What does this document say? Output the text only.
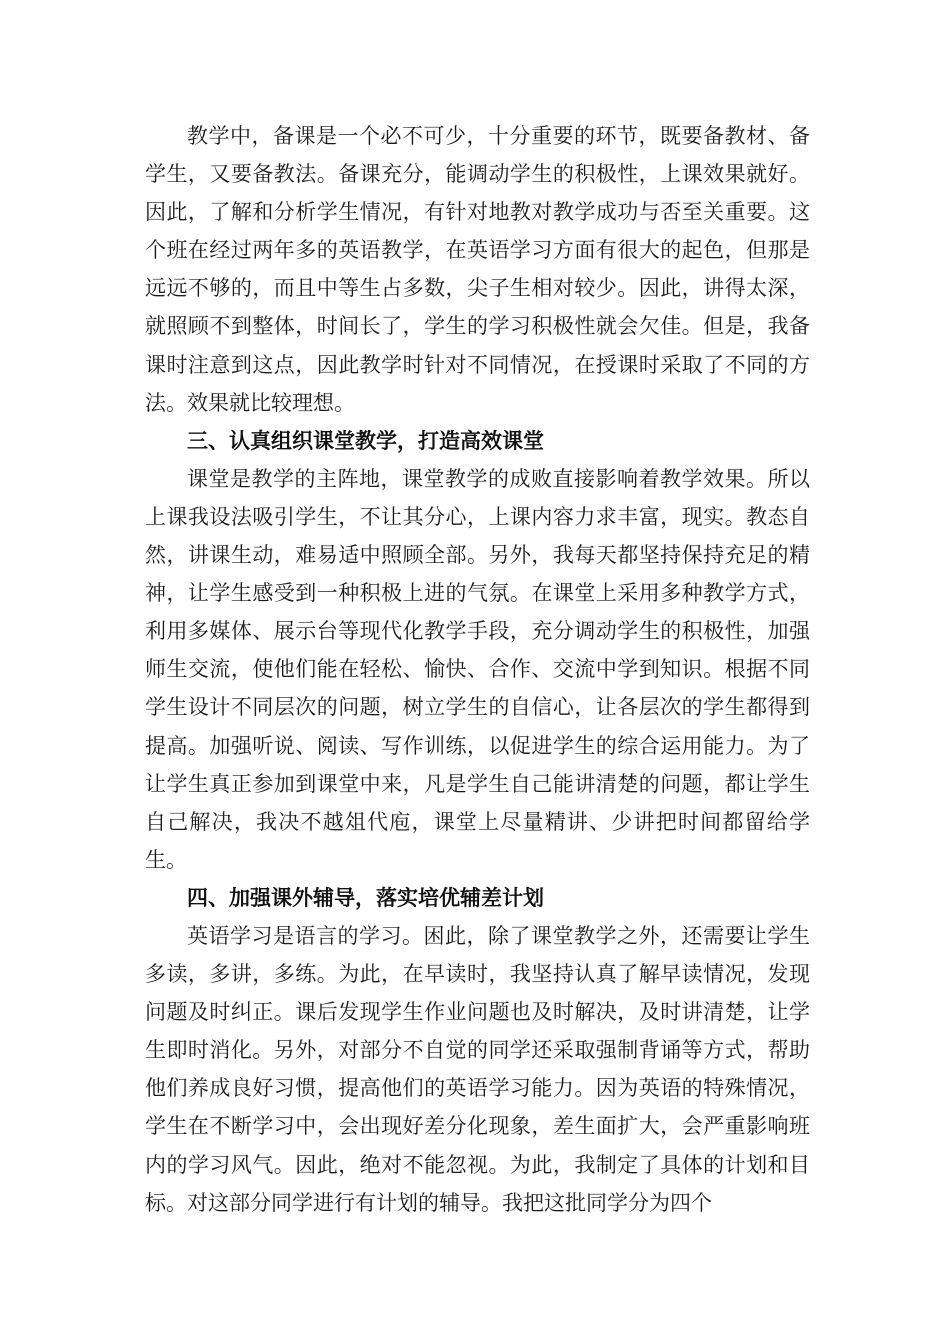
教学中，备课是一个必不可少，十分重要的环节，既要备教材、备学生，又要备教法。备课充分，能调动学生的积极性，上课效果就好。因此，了解和分析学生情况，有针对地教对教学成功与否至关重要。这个班在经过两年多的英语教学，在英语学习方面有很大的起色，但那是远远不够的，而且中等生占多数，尖子生相对较少。因此，讲得太深，就照顾不到整体，时间长了，学生的学习积极性就会欠佳。但是，我备课时注意到这点，因此教学时针对不同情况，在授课时采取了不同的方法。效果就比较理想。

三、认真组织课堂教学，打造高效课堂

课堂是教学的主阵地，课堂教学的成败直接影响着教学效果。所以上课我设法吸引学生，不让其分心，上课内容力求丰富，现实。教态自然，讲课生动，难易适中照顾全部。另外，我每天都坚持保持充足的精神，让学生感受到一种积极上进的气氛。在课堂上采用多种教学方式，利用多媒体、展示台等现代化教学手段，充分调动学生的积极性，加强师生交流，使他们能在轻松、愉快、合作、交流中学到知识。根据不同学生设计不同层次的问题，树立学生的自信心，让各层次的学生都得到提高。加强听说、阅读、写作训练，以促进学生的综合运用能力。为了让学生真正参加到课堂中来，凡是学生自己能讲清楚的问题，都让学生自己解决，我决不越俎代庖，课堂上尽量精讲、少讲把时间都留给学生。

四、加强课外辅导，落实培优辅差计划

英语学习是语言的学习。困此，除了课堂教学之外，还需要让学生多读，多讲，多练。为此，在早读时，我坚持认真了解早读情况，发现问题及时纠正。课后发现学生作业问题也及时解决，及时讲清楚，让学生即时消化。另外，对部分不自觉的同学还采取强制背诵等方式，帮助他们养成良好习惯，提高他们的英语学习能力。因为英语的特殊情况，学生在不断学习中，会出现好差分化现象，差生面扩大，会严重影响班内的学习风气。因此，绝对不能忽视。为此，我制定了具体的计划和目标。对这部分同学进行有计划的辅导。我把这批同学分为四个
